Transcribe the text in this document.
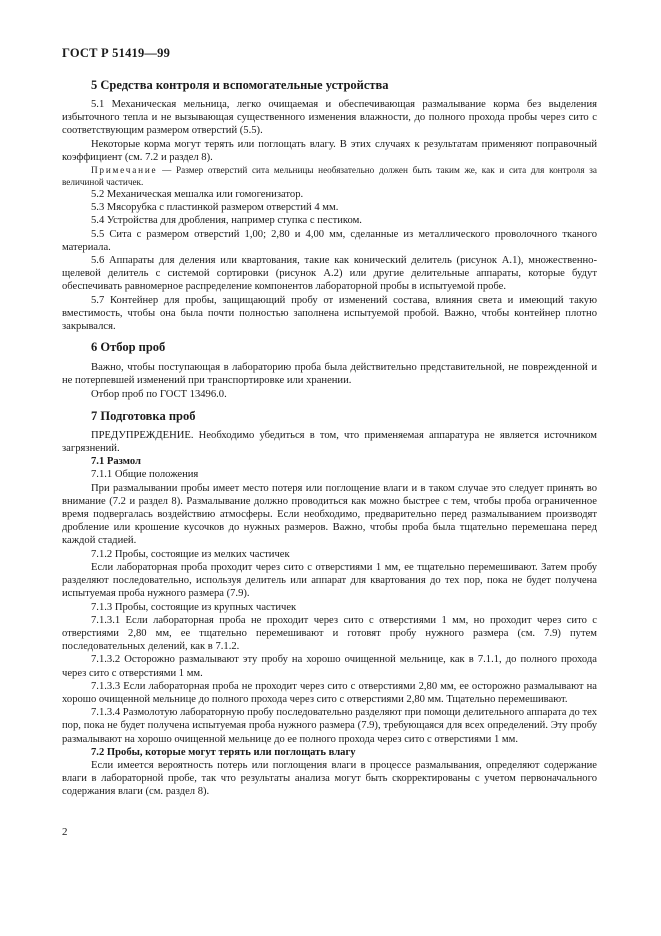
ГОСТ Р 51419—99
5 Средства контроля и вспомогательные устройства

5.1 Механическая мельница, легко очищаемая и обеспечивающая размалывание корма без выделения избыточного тепла и не вызывающая существенного изменения влажности, до полного прохода пробы через сито с соответствующим размером отверстий (5.5).

Некоторые корма могут терять или поглощать влагу. В этих случаях к результатам применяют поправочный коэффициент (см. 7.2 и раздел 8).

Примечание — Размер отверстий сита мельницы необязательно должен быть таким же, как и сита для контроля за величиной частичек.

5.2 Механическая мешалка или гомогенизатор.

5.3 Мясорубка с пластинкой размером отверстий 4 мм.

5.4 Устройства для дробления, например ступка с пестиком.

5.5 Сита с размером отверстий 1,00; 2,80 и 4,00 мм, сделанные из металлического проволочного тканого материала.

5.6 Аппараты для деления или квартования, такие как конический делитель (рисунок А.1), множественно-щелевой делитель с системой сортировки (рисунок А.2) или другие делительные аппараты, которые будут обеспечивать равномерное распределение компонентов лабораторной пробы в испытуемой пробе.

5.7 Контейнер для пробы, защищающий пробу от изменений состава, влияния света и имеющий такую вместимость, чтобы она была почти полностью заполнена испытуемой пробой. Важно, чтобы контейнер плотно закрывался.

6 Отбор проб

Важно, чтобы поступающая в лабораторию проба была действительно представительной, не поврежденной и не потерпевшей изменений при транспортировке или хранении.

Отбор проб по ГОСТ 13496.0.

7 Подготовка проб

ПРЕДУПРЕЖДЕНИЕ. Необходимо убедиться в том, что применяемая аппаратура не является источником загрязнений.

7.1 Размол

7.1.1 Общие положения

При размалывании пробы имеет место потеря или поглощение влаги и в таком случае это следует принять во внимание (7.2 и раздел 8). Размалывание должно проводиться как можно быстрее с тем, чтобы проба ограниченное время подвергалась воздействию атмосферы. Если необходимо, предварительно перед размалыванием производят дробление или крошение кусочков до нужных размеров. Важно, чтобы проба была тщательно перемешана перед каждой стадией.

7.1.2 Пробы, состоящие из мелких частичек

Если лабораторная проба проходит через сито с отверстиями 1 мм, ее тщательно перемешивают. Затем пробу разделяют последовательно, используя делитель или аппарат для квартования до тех пор, пока не будет получена испытуемая проба нужного размера (7.9).

7.1.3 Пробы, состоящие из крупных частичек

7.1.3.1 Если лабораторная проба не проходит через сито с отверстиями 1 мм, но проходит через сито с отверстиями 2,80 мм, ее тщательно перемешивают и готовят пробу нужного размера (см. 7.9) путем последовательных делений, как в 7.1.2.

7.1.3.2 Осторожно размалывают эту пробу на хорошо очищенной мельнице, как в 7.1.1, до полного прохода через сито с отверстиями 1 мм.

7.1.3.3 Если лабораторная проба не проходит через сито с отверстиями 2,80 мм, ее осторожно размалывают на хорошо очищенной мельнице до полного прохода через сито с отверстиями 2,80 мм. Тщательно перемешивают.

7.1.3.4 Размолотую лабораторную пробу последовательно разделяют при помощи делительного аппарата до тех пор, пока не будет получена испытуемая проба нужного размера (7.9), требующаяся для всех определений. Эту пробу размалывают на хорошо очищенной мельнице до ее полного прохода через сито с отверстиями 1 мм.

7.2 Пробы, которые могут терять или поглощать влагу

Если имеется вероятность потерь или поглощения влаги в процессе размалывания, определяют содержание влаги в лабораторной пробе, так что результаты анализа могут быть скорректированы с учетом первоначального содержания влаги (см. раздел 8).

2
